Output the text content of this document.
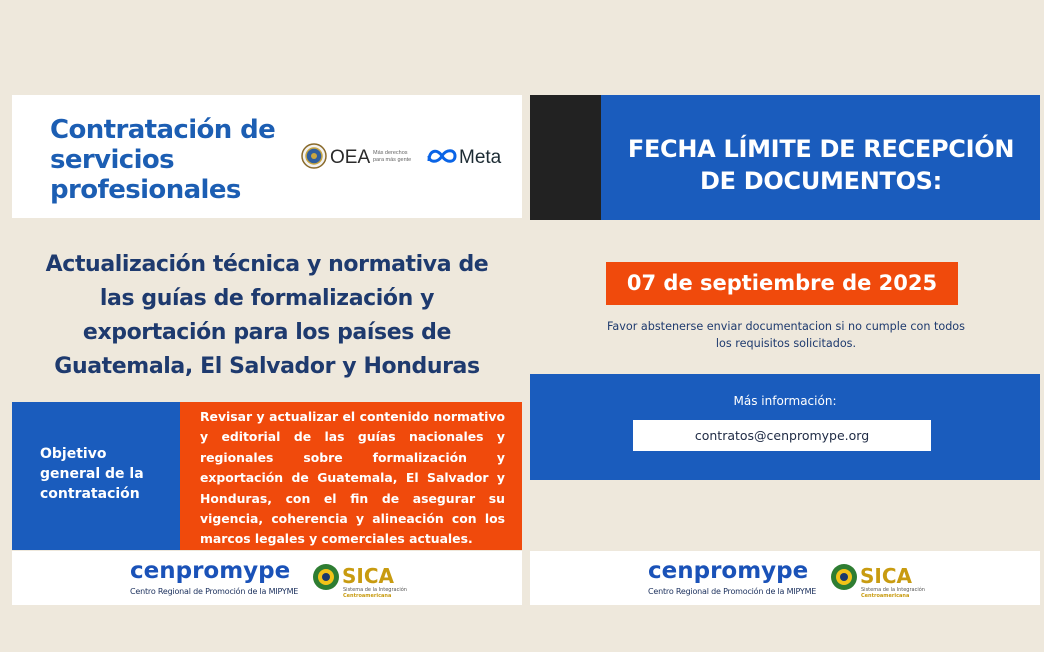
Contratación de servicios profesionales
OEA Más derechos
para más gente	Meta
Actualización técnica y normativa de las guías de formalización y exportación para los países de Guatemala, El Salvador y Honduras

Objetivo general de la contratación

Revisar y actualizar el contenido normativo y editorial de las guías nacionales y regionales sobre formalización y exportación de Guatemala, El Salvador y Honduras, con el fin de asegurar su vigencia, coherencia y alineación con los marcos legales y comerciales actuales.

cenpromype
Centro Regional de Promoción de la MIPYME
SICA
Sistema de la Integración
Centroamericana
FECHA LÍMITE DE RECEPCIÓN DE DOCUMENTOS:

07 de septiembre de 2025

Favor abstenerse enviar documentacion si no cumple con todos los requisitos solicitados.

Más información:

contratos@cenpromype.org
cenpromype
Centro Regional de Promoción de la MIPYME
SICA
Sistema de la Integración
Centroamericana
